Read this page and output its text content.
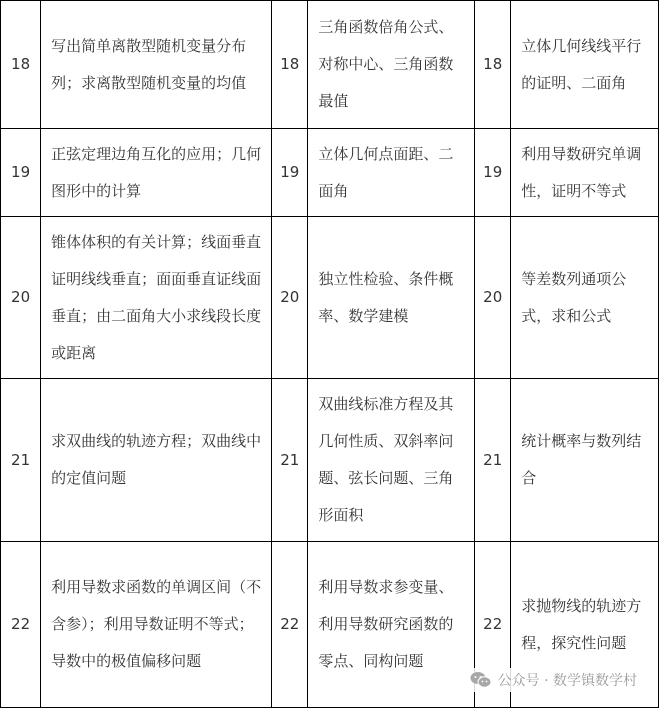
18	写出简单离散型随机变量分布列；求离散型随机变量的均值	18	三角函数倍角公式、对称中心、三角函数最值	18	立体几何线线平行的证明、二面角
19	正弦定理边角互化的应用；几何图形中的计算	19	立体几何点面距、二面角	19	利用导数研究单调性，证明不等式
20	锥体体积的有关计算；线面垂直证明线线垂直；面面垂直证线面垂直；由二面角大小求线段长度或距离	20	独立性检验、条件概率、数学建模	20	等差数列通项公式，求和公式
21	求双曲线的轨迹方程；双曲线中的定值问题	21	双曲线标准方程及其几何性质、双斜率问题、弦长问题、三角形面积	21	统计概率与数列结合
22	利用导数求函数的单调区间（不含参）；利用导数证明不等式；导数中的极值偏移问题	22	利用导数求参变量、利用导数研究函数的零点、同构问题	22	求抛物线的轨迹方程，探究性问题
公众号 · 数学镇数学村
